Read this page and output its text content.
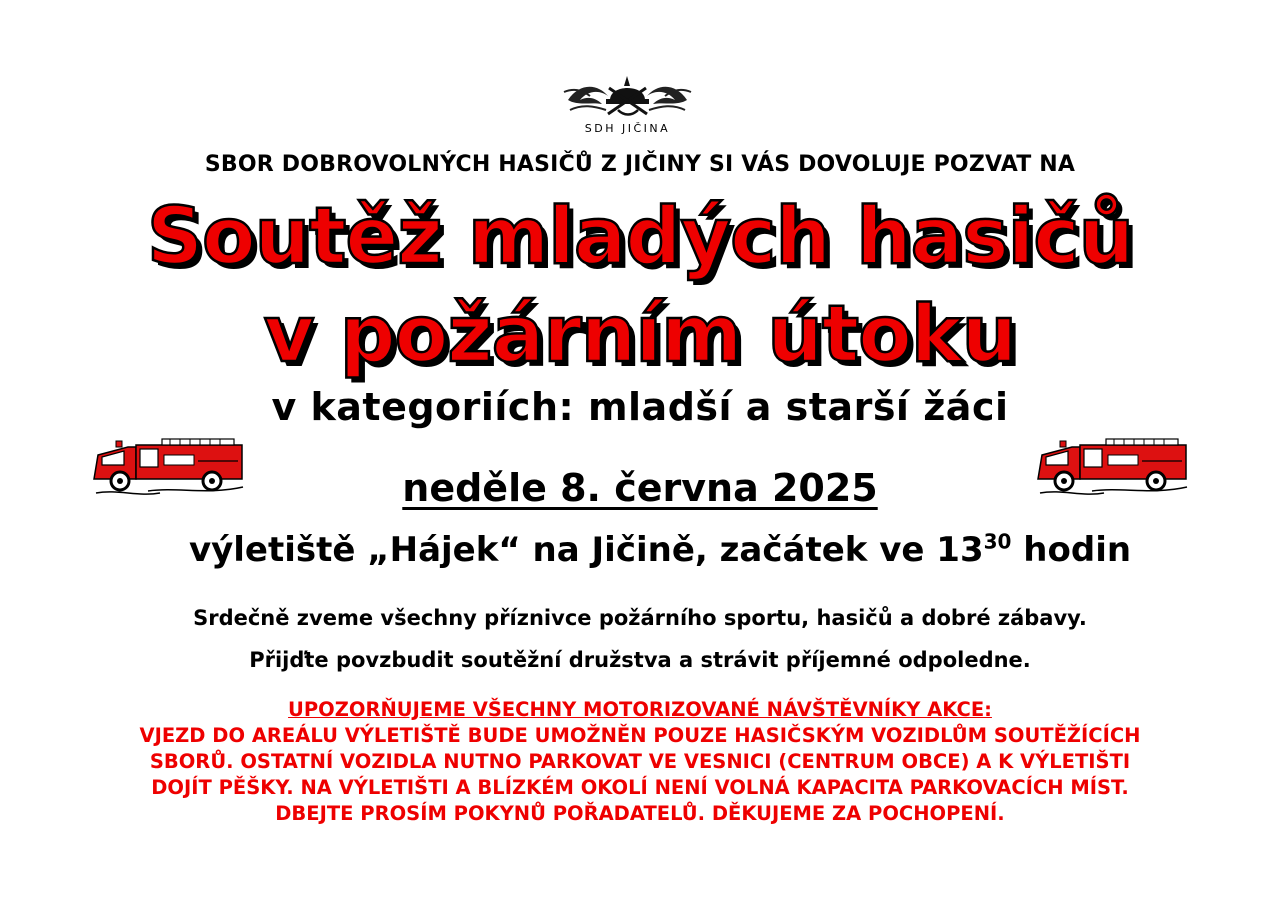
SDH JIČINA
SBOR DOBROVOLNÝCH HASIČŮ Z JIČINY SI VÁS DOVOLUJE POZVAT NA
Soutěž mladých hasičů
v požárním útoku
v kategoriích: mladší a starší žáci
neděle 8. června 2025
výletiště „Hájek“ na Jičině, začátek ve $13^{30}$ hodin
Srdečně zveme všechny příznivce požárního sportu, hasičů a dobré zábavy.
Přijďte povzbudit soutěžní družstva a strávit příjemné odpoledne.
UPOZORŇUJEME VŠECHNY MOTORIZOVANÉ NÁVŠTĚVNÍKY AKCE:
VJEZD DO AREÁLU VÝLETIŠTĚ BUDE UMOŽNĚN POUZE HASIČSKÝM VOZIDLŮM SOUTĚŽÍCÍCH
SBORŮ. OSTATNÍ VOZIDLA NUTNO PARKOVAT VE VESNICI (CENTRUM OBCE) A K VÝLETIŠTI
DOJÍT PĚŠKY. NA VÝLETIŠTI A BLÍZKÉM OKOLÍ NENÍ VOLNÁ KAPACITA PARKOVACÍCH MÍST.
DBEJTE PROSÍM POKYNŮ POŘADATELŮ. DĚKUJEME ZA POCHOPENÍ.
